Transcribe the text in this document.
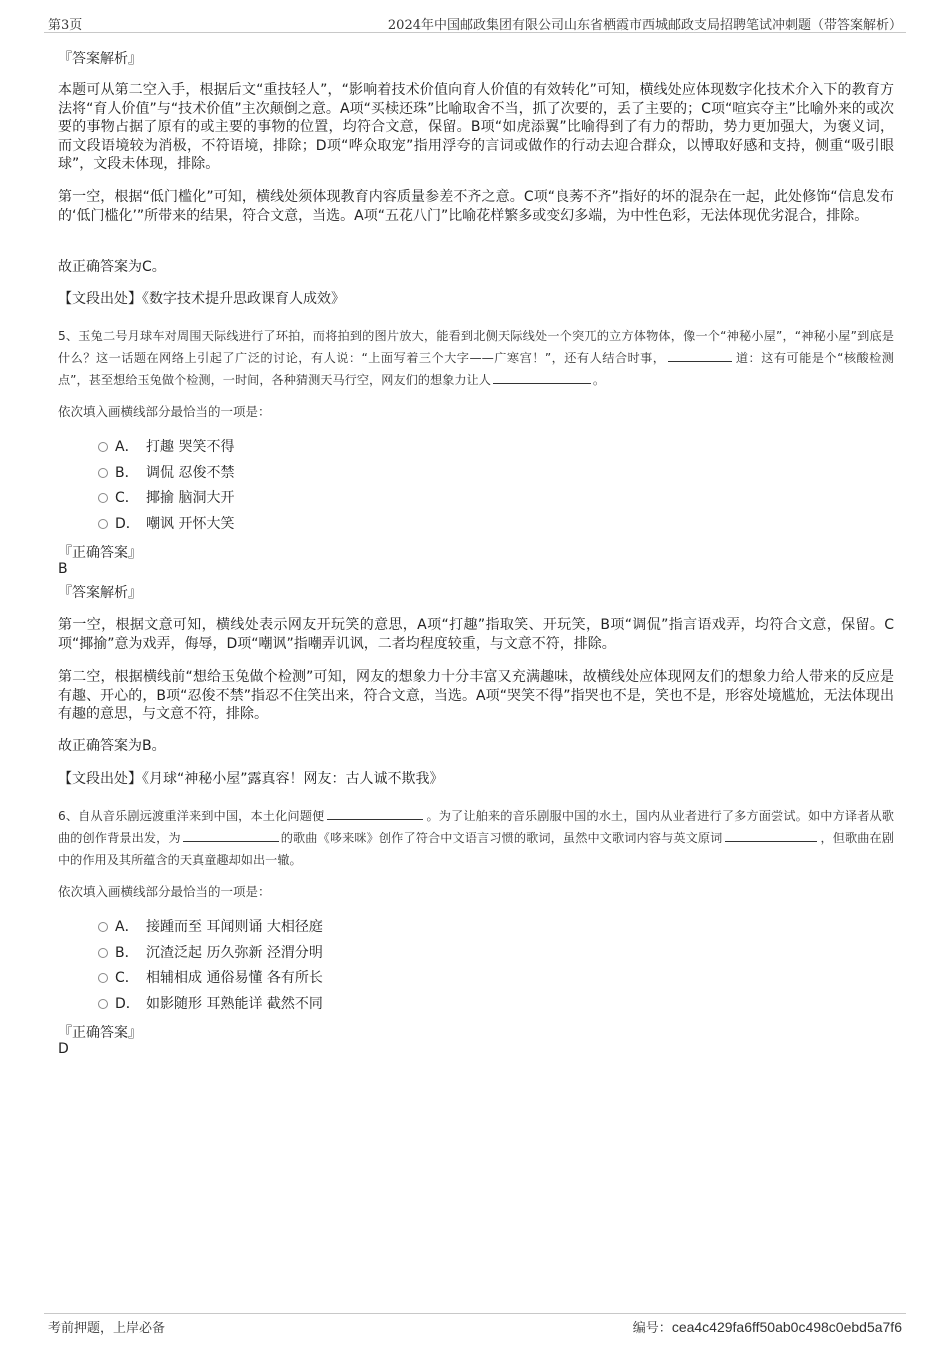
第3页	2024年中国邮政集团有限公司山东省栖霞市西城邮政支局招聘笔试冲刺题（带答案解析）
『答案解析』
本题可从第二空入手，根据后文“重技轻人”，“影响着技术价值向育人价值的有效转化”可知，横线处应体现数字化技术介入下的教育方法将“育人价值”与“技术价值”主次颠倒之意。A项“买椟还珠”比喻取舍不当，抓了次要的，丢了主要的；C项“喧宾夺主”比喻外来的或次要的事物占据了原有的或主要的事物的位置，均符合文意，保留。B项“如虎添翼”比喻得到了有力的帮助，势力更加强大，为褒义词，而文段语境较为消极，不符语境，排除；D项“哗众取宠”指用浮夸的言词或做作的行动去迎合群众，以博取好感和支持，侧重“吸引眼球”，文段未体现，排除。
第一空，根据“低门槛化”可知，横线处须体现教育内容质量参差不齐之意。C项“良莠不齐”指好的坏的混杂在一起，此处修饰“信息发布的‘低门槛化’”所带来的结果，符合文意，当选。A项“五花八门”比喻花样繁多或变幻多端，为中性色彩，无法体现优劣混合，排除。
故正确答案为C。
【文段出处】《数字技术提升思政课育人成效》
5、玉兔二号月球车对周围天际线进行了环拍，而将拍到的图片放大，能看到北侧天际线处一个突兀的立方体物体，像一个“神秘小屋”，“神秘小屋”到底是什么？这一话题在网络上引起了广泛的讨论，有人说：“上面写着三个大字——广寒宫！”，还有人结合时事，	道：这有可能是个“核酸检测点”，甚至想给玉兔做个检测，一时间，各种猜测天马行空，网友们的想象力让人	。
依次填入画横线部分最恰当的一项是：
A． 打趣 哭笑不得
B． 调侃 忍俊不禁
C． 揶揄 脑洞大开
D． 嘲讽 开怀大笑
『正确答案』
B
『答案解析』
第一空，根据文意可知，横线处表示网友开玩笑的意思，A项“打趣”指取笑、开玩笑，B项“调侃”指言语戏弄，均符合文意，保留。C项“揶揄”意为戏弄，侮辱，D项“嘲讽”指嘲弄讥讽，二者均程度较重，与文意不符，排除。
第二空，根据横线前“想给玉兔做个检测”可知，网友的想象力十分丰富又充满趣味，故横线处应体现网友们的想象力给人带来的反应是有趣、开心的，B项“忍俊不禁”指忍不住笑出来，符合文意，当选。A项“哭笑不得”指哭也不是，笑也不是，形容处境尴尬，无法体现出有趣的意思，与文意不符，排除。
故正确答案为B。
【文段出处】《月球“神秘小屋”露真容！网友：古人诚不欺我》
6、自从音乐剧远渡重洋来到中国，本土化问题便	。为了让舶来的音乐剧服中国的水土，国内从业者进行了多方面尝试。如中方译者从歌曲的创作背景出发，为	的歌曲《哆来咪》创作了符合中文语言习惯的歌词，虽然中文歌词内容与英文原词	，但歌曲在剧中的作用及其所蕴含的天真童趣却如出一辙。
依次填入画横线部分最恰当的一项是：
A． 接踵而至 耳闻则诵 大相径庭
B． 沉渣泛起 历久弥新 泾渭分明
C． 相辅相成 通俗易懂 各有所长
D． 如影随形 耳熟能详 截然不同
『正确答案』
D
考前押题，上岸必备	编号：cea4c429fa6ff50ab0c498c0ebd5a7f6
